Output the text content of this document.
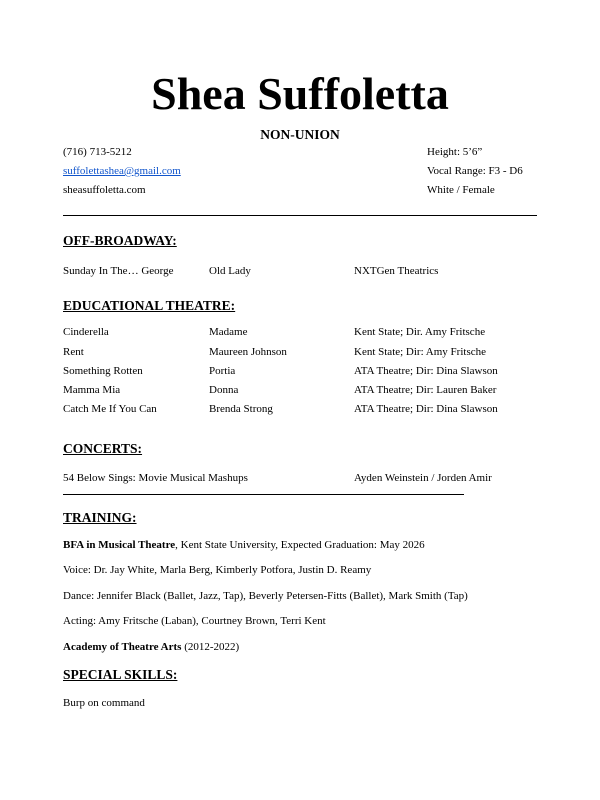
Shea Suffoletta
NON-UNION
(716) 713-5212
suffolettashea@gmail.com
sheasuffoletta.com
Height: 5’6”
Vocal Range: F3 - D6
White / Female
OFF-BROADWAY:
Sunday In The… George	Old Lady	NXTGen Theatrics
EDUCATIONAL THEATRE:
Cinderella	Madame	Kent State; Dir. Amy Fritsche
Rent	Maureen Johnson	Kent State; Dir: Amy Fritsche
Something Rotten	Portia	ATA Theatre; Dir: Dina Slawson
Mamma Mia	Donna	ATA Theatre; Dir: Lauren Baker
Catch Me If You Can	Brenda Strong	ATA Theatre; Dir: Dina Slawson
CONCERTS:
54 Below Sings: Movie Musical Mashups	Ayden Weinstein / Jorden Amir
TRAINING:
BFA in Musical Theatre, Kent State University, Expected Graduation: May 2026
Voice: Dr. Jay White, Marla Berg, Kimberly Potfora, Justin D. Reamy
Dance: Jennifer Black (Ballet, Jazz, Tap), Beverly Petersen-Fitts (Ballet), Mark Smith (Tap)
Acting: Amy Fritsche (Laban), Courtney Brown, Terri Kent
Academy of Theatre Arts (2012-2022)
SPECIAL SKILLS:
Burp on command
